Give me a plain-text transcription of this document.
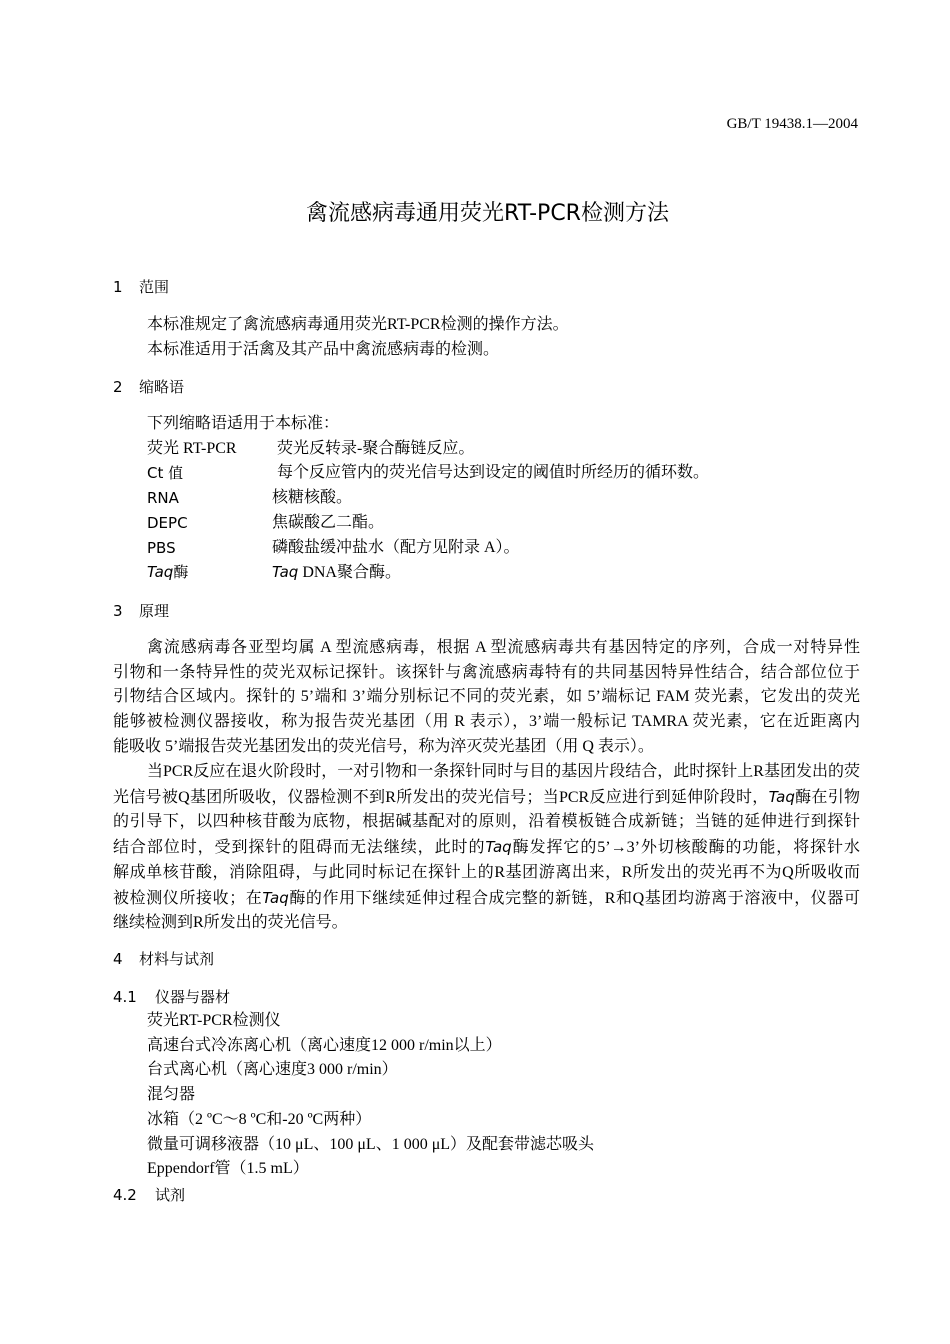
GB/T 19438.1—2004
禽流感病毒通用荧光RT-PCR检测方法
1 范围
本标准规定了禽流感病毒通用荧光RT-PCR检测的操作方法。
本标准适用于活禽及其产品中禽流感病毒的检测。
2 缩略语
下列缩略语适用于本标准：
荧光 RT-PCR	荧光反转录-聚合酶链反应。
Ct 值	每个反应管内的荧光信号达到设定的阈值时所经历的循环数。
RNA	核糖核酸。
DEPC	焦碳酸乙二酯。
PBS	磷酸盐缓冲盐水（配方见附录 A）。
Taq酶	Taq DNA聚合酶。
3 原理
禽流感病毒各亚型均属 A 型流感病毒，根据 A 型流感病毒共有基因特定的序列，合成一对特异性
引物和一条特异性的荧光双标记探针。该探针与禽流感病毒特有的共同基因特异性结合，结合部位位于
引物结合区域内。探针的 5’端和 3’端分别标记不同的荧光素，如 5’端标记 FAM 荧光素，它发出的荧光
能够被检测仪器接收，称为报告荧光基团（用 R 表示），3’端一般标记 TAMRA 荧光素，它在近距离内
能吸收 5’端报告荧光基团发出的荧光信号，称为淬灭荧光基团（用 Q 表示）。
当PCR反应在退火阶段时，一对引物和一条探针同时与目的基因片段结合，此时探针上R基团发出的荧
光信号被Q基团所吸收，仪器检测不到R所发出的荧光信号；当PCR反应进行到延伸阶段时，Taq酶在引物
的引导下，以四种核苷酸为底物，根据碱基配对的原则，沿着模板链合成新链；当链的延伸进行到探针
结合部位时，受到探针的阻碍而无法继续，此时的Taq酶发挥它的5’→3’外切核酸酶的功能，将探针水
解成单核苷酸，消除阻碍，与此同时标记在探针上的R基团游离出来，R所发出的荧光再不为Q所吸收而
被检测仪所接收；在Taq酶的作用下继续延伸过程合成完整的新链，R和Q基团均游离于溶液中，仪器可
继续检测到R所发出的荧光信号。
4 材料与试剂
4.1 仪器与器材
荧光RT-PCR检测仪
高速台式冷冻离心机（离心速度12 000 r/min以上）
台式离心机（离心速度3 000 r/min）
混匀器
冰箱（2 ºC～8 ºC和-20 ºC两种）
微量可调移液器（10 μL、100 μL、1 000 μL）及配套带滤芯吸头
Eppendorf管（1.5 mL）
4.2 试剂
